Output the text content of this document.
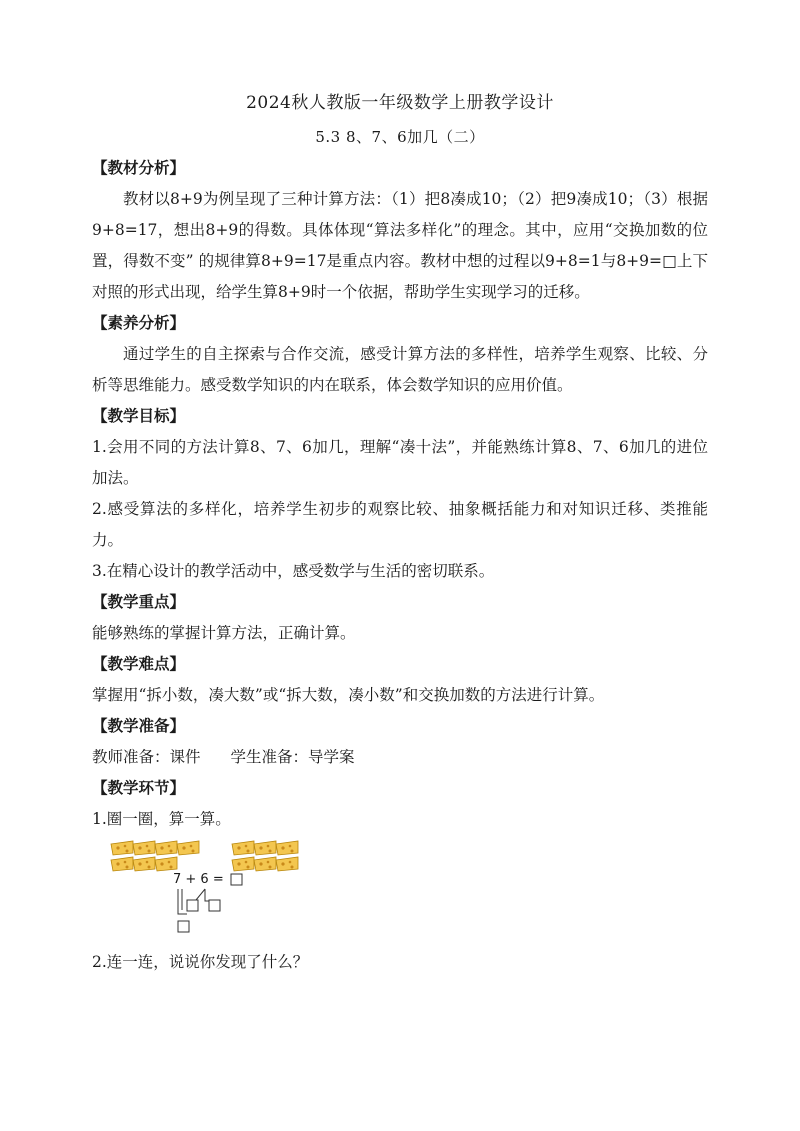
2024秋人教版一年级数学上册教学设计
5.3 8、7、6加几（二）
【教材分析】
教材以8+9为例呈现了三种计算方法：（1）把8凑成10；（2）把9凑成10；（3）根据9+8=17，想出8+9的得数。具体体现“算法多样化”的理念。其中，应用“交换加数的位置，得数不变” 的规律算8+9=17是重点内容。教材中想的过程以9+8=1与8+9=□上下对照的形式出现，给学生算8+9时一个依据，帮助学生实现学习的迁移。
【素养分析】
通过学生的自主探索与合作交流，感受计算方法的多样性，培养学生观察、比较、分析等思维能力。感受数学知识的内在联系，体会数学知识的应用价值。
【教学目标】
1.会用不同的方法计算8、7、6加几，理解“凑十法”，并能熟练计算8、7、6加几的进位加法。
2.感受算法的多样化，培养学生初步的观察比较、抽象概括能力和对知识迁移、类推能力。
3.在精心设计的教学活动中，感受数学与生活的密切联系。
【教学重点】
能够熟练的掌握计算方法，正确计算。
【教学难点】
掌握用“拆小数，凑大数”或“拆大数，凑小数”和交换加数的方法进行计算。
【教学准备】
教师准备：课件 学生准备：导学案
【教学环节】
1.圈一圈，算一算。
7 + 6 =
2.连一连，说说你发现了什么？
